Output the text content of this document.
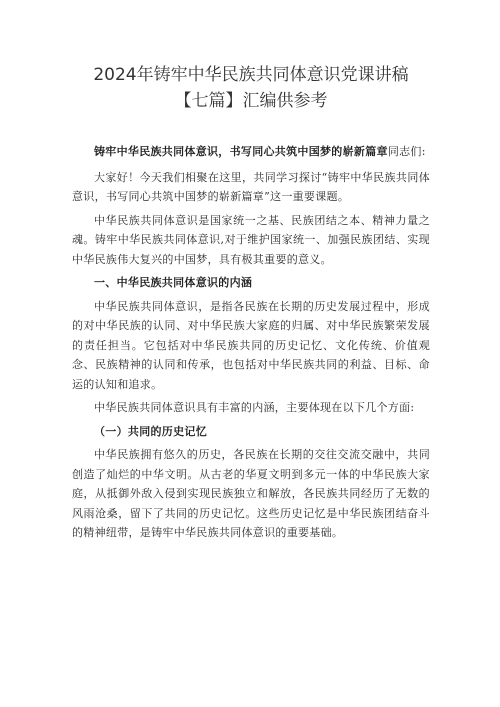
2024年铸牢中华民族共同体意识党课讲稿【七篇】汇编供参考

铸牢中华民族共同体意识，书写同心共筑中国梦的崭新篇章同志们:

大家好！今天我们相聚在这里，共同学习探讨“铸牢中华民族共同体意识，书写同心共筑中国梦的崭新篇章”这一重要课题。

中华民族共同体意识是国家统一之基、民族团结之本、精神力量之魂。铸牢中华民族共同体意识,对于维护国家统一、加强民族团结、实现中华民族伟大复兴的中国梦，具有极其重要的意义。

一、中华民族共同体意识的内涵

中华民族共同体意识，是指各民族在长期的历史发展过程中，形成的对中华民族的认同、对中华民族大家庭的归属、对中华民族繁荣发展的责任担当。它包括对中华民族共同的历史记忆、文化传统、价值观念、民族精神的认同和传承，也包括对中华民族共同的利益、目标、命运的认知和追求。

中华民族共同体意识具有丰富的内涵，主要体现在以下几个方面:

（一）共同的历史记忆

中华民族拥有悠久的历史，各民族在长期的交往交流交融中，共同创造了灿烂的中华文明。从古老的华夏文明到多元一体的中华民族大家庭，从抵御外敌入侵到实现民族独立和解放，各民族共同经历了无数的风雨沧桑，留下了共同的历史记忆。这些历史记忆是中华民族团结奋斗的精神纽带，是铸牢中华民族共同体意识的重要基础。
